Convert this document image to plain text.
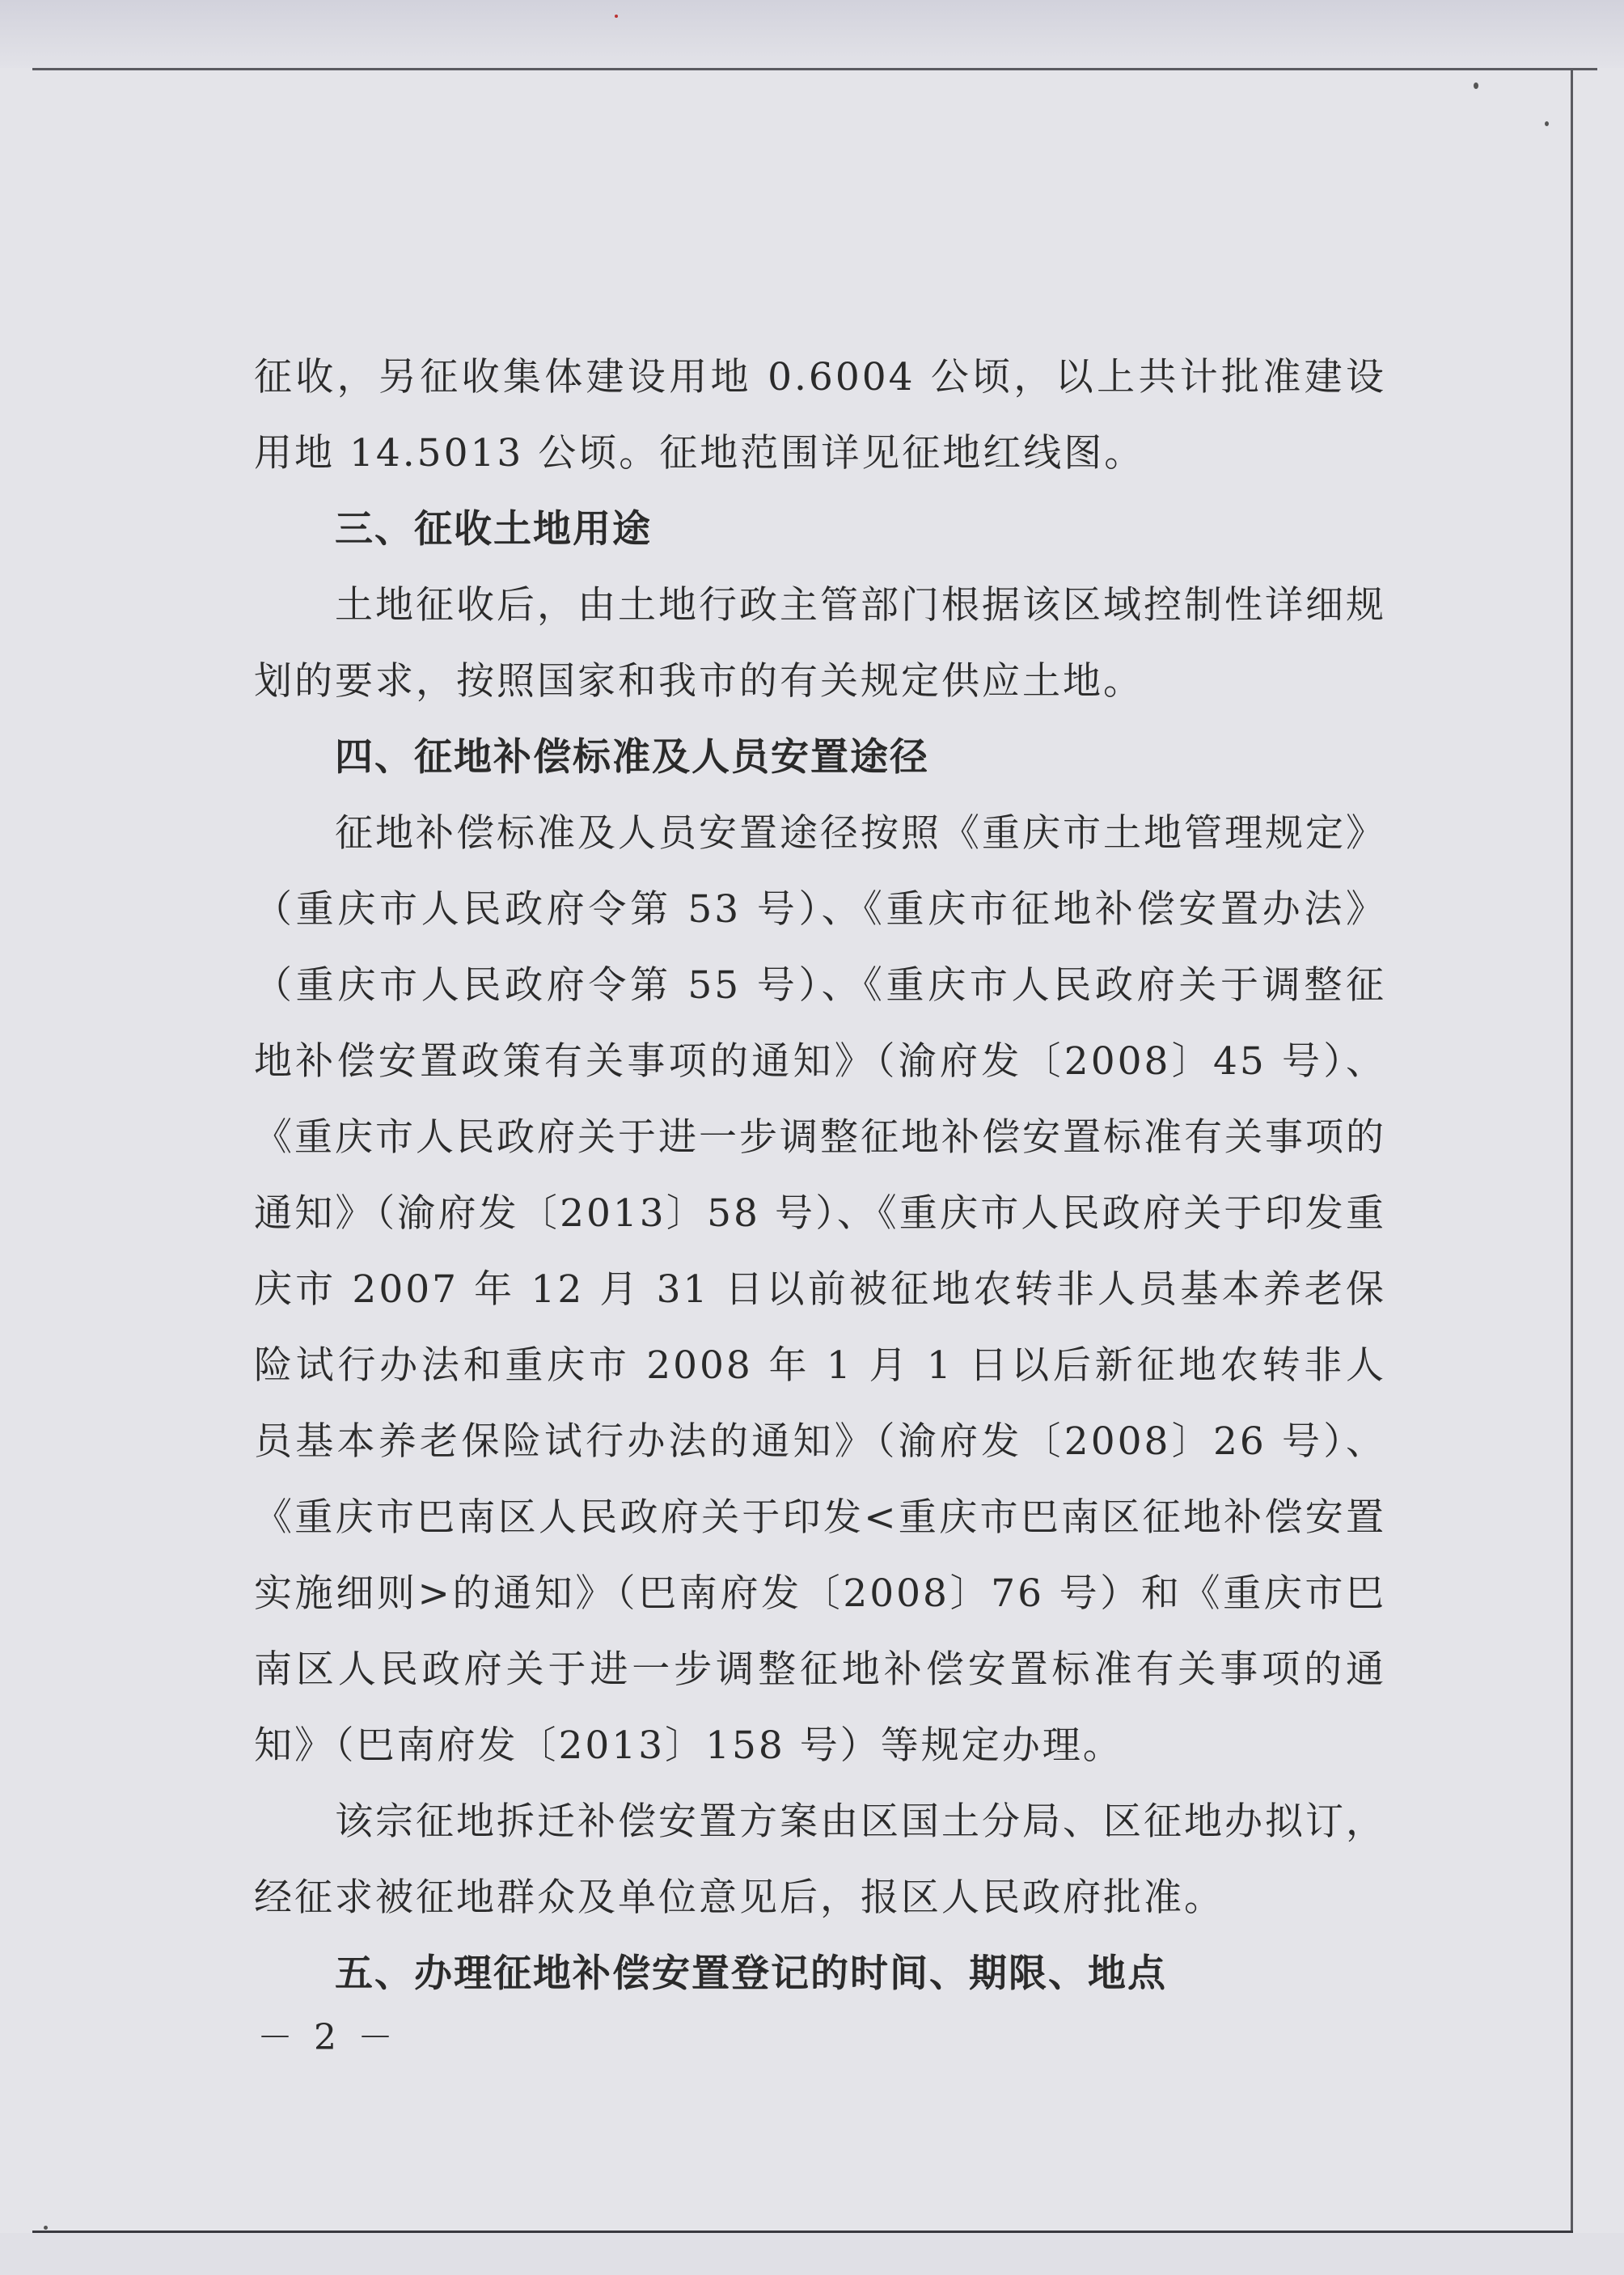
征收，另征收集体建设用地 0.6004 公顷，以上共计批准建设用地 14.5013 公顷。征地范围详见征地红线图。

三、征收土地用途

土地征收后，由土地行政主管部门根据该区域控制性详细规划的要求，按照国家和我市的有关规定供应土地。

四、征地补偿标准及人员安置途径

征地补偿标准及人员安置途径按照《重庆市土地管理规定》（重庆市人民政府令第 53 号）、《重庆市征地补偿安置办法》（重庆市人民政府令第 55 号）、《重庆市人民政府关于调整征地补偿安置政策有关事项的通知》（渝府发〔2008〕45 号）、《重庆市人民政府关于进一步调整征地补偿安置标准有关事项的通知》（渝府发〔2013〕58 号）、《重庆市人民政府关于印发重庆市 2007 年 12 月 31 日以前被征地农转非人员基本养老保险试行办法和重庆市 2008 年 1 月 1 日以后新征地农转非人员基本养老保险试行办法的通知》（渝府发〔2008〕26 号）、《重庆市巴南区人民政府关于印发<重庆市巴南区征地补偿安置实施细则>的通知》（巴南府发〔2008〕76 号）和《重庆市巴南区人民政府关于进一步调整征地补偿安置标准有关事项的通知》（巴南府发〔2013〕158 号）等规定办理。

该宗征地拆迁补偿安置方案由区国土分局、区征地办拟订，经征求被征地群众及单位意见后，报区人民政府批准。

五、办理征地补偿安置登记的时间、期限、地点

－ 2 －
